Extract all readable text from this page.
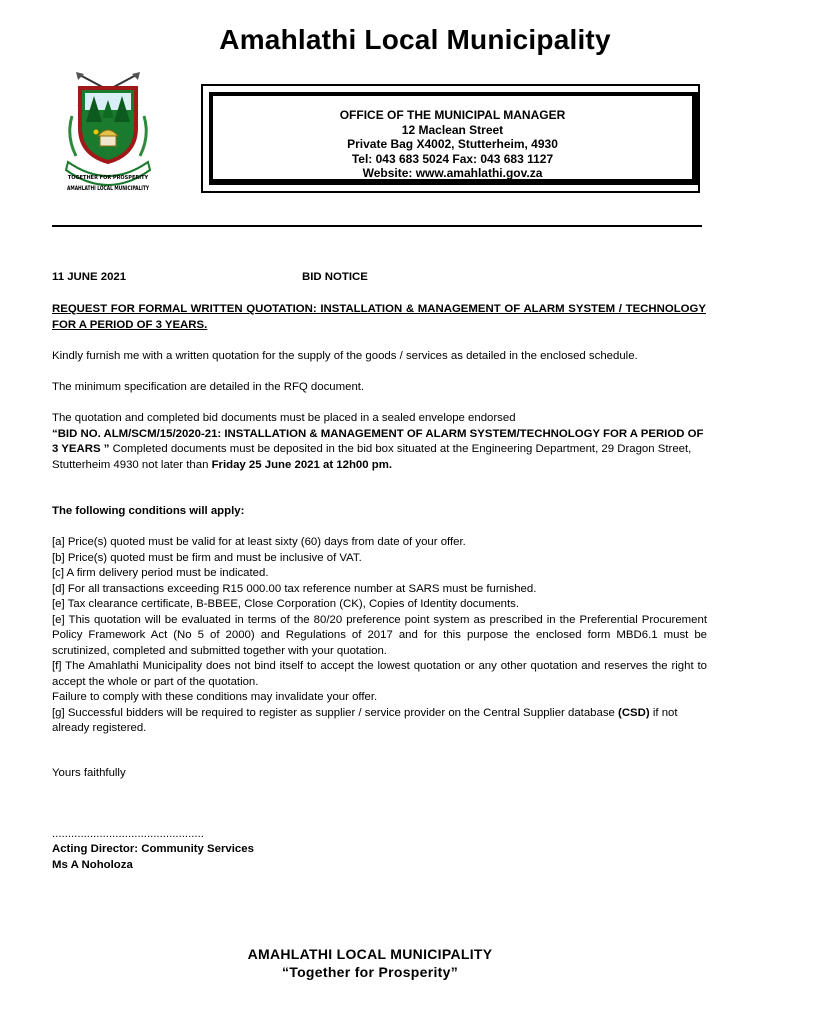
Amahlathi Local Municipality
TOGETHER FOR PROSPERITY
AMAHLATHI LOCAL MUNICIPALITY
OFFICE OF THE MUNICIPAL MANAGER
12 Maclean Street
Private Bag X4002, Stutterheim, 4930
Tel: 043 683 5024 Fax: 043 683 1127
Website: www.amahlathi.gov.za
11 JUNE 2021	BID NOTICE
REQUEST FOR FORMAL WRITTEN QUOTATION: INSTALLATION & MANAGEMENT OF ALARM SYSTEM / TECHNOLOGY FOR A PERIOD OF 3 YEARS.
Kindly furnish me with a written quotation for the supply of the goods / services as detailed in the enclosed schedule.
The minimum specification are detailed in the RFQ document.
The quotation and completed bid documents must be placed in a sealed envelope endorsed
“BID NO. ALM/SCM/15/2020-21: INSTALLATION & MANAGEMENT OF ALARM SYSTEM/TECHNOLOGY FOR A PERIOD OF 3 YEARS ” Completed documents must be deposited in the bid box situated at the Engineering Department, 29 Dragon Street, Stutterheim 4930 not later than Friday 25 June 2021 at 12h00 pm.
The following conditions will apply:
[a] Price(s) quoted must be valid for at least sixty (60) days from date of your offer.
[b] Price(s) quoted must be firm and must be inclusive of VAT.
[c] A firm delivery period must be indicated.
[d] For all transactions exceeding R15 000.00 tax reference number at SARS must be furnished.
[e] Tax clearance certificate, B-BBEE, Close Corporation (CK), Copies of Identity documents.
[e] This quotation will be evaluated in terms of the 80/20 preference point system as prescribed in the Preferential Procurement Policy Framework Act (No 5 of 2000) and Regulations of 2017 and for this purpose the enclosed form MBD6.1 must be scrutinized, completed and submitted together with your quotation.
[f] The Amahlathi Municipality does not bind itself to accept the lowest quotation or any other quotation and reserves the right to accept the whole or part of the quotation.
Failure to comply with these conditions may invalidate your offer.
[g] Successful bidders will be required to register as supplier / service provider on the Central Supplier database (CSD) if not already registered.
Yours faithfully
................................................
Acting Director: Community Services
Ms A Noholoza
AMAHLATHI LOCAL MUNICIPALITY
“Together for Prosperity”
